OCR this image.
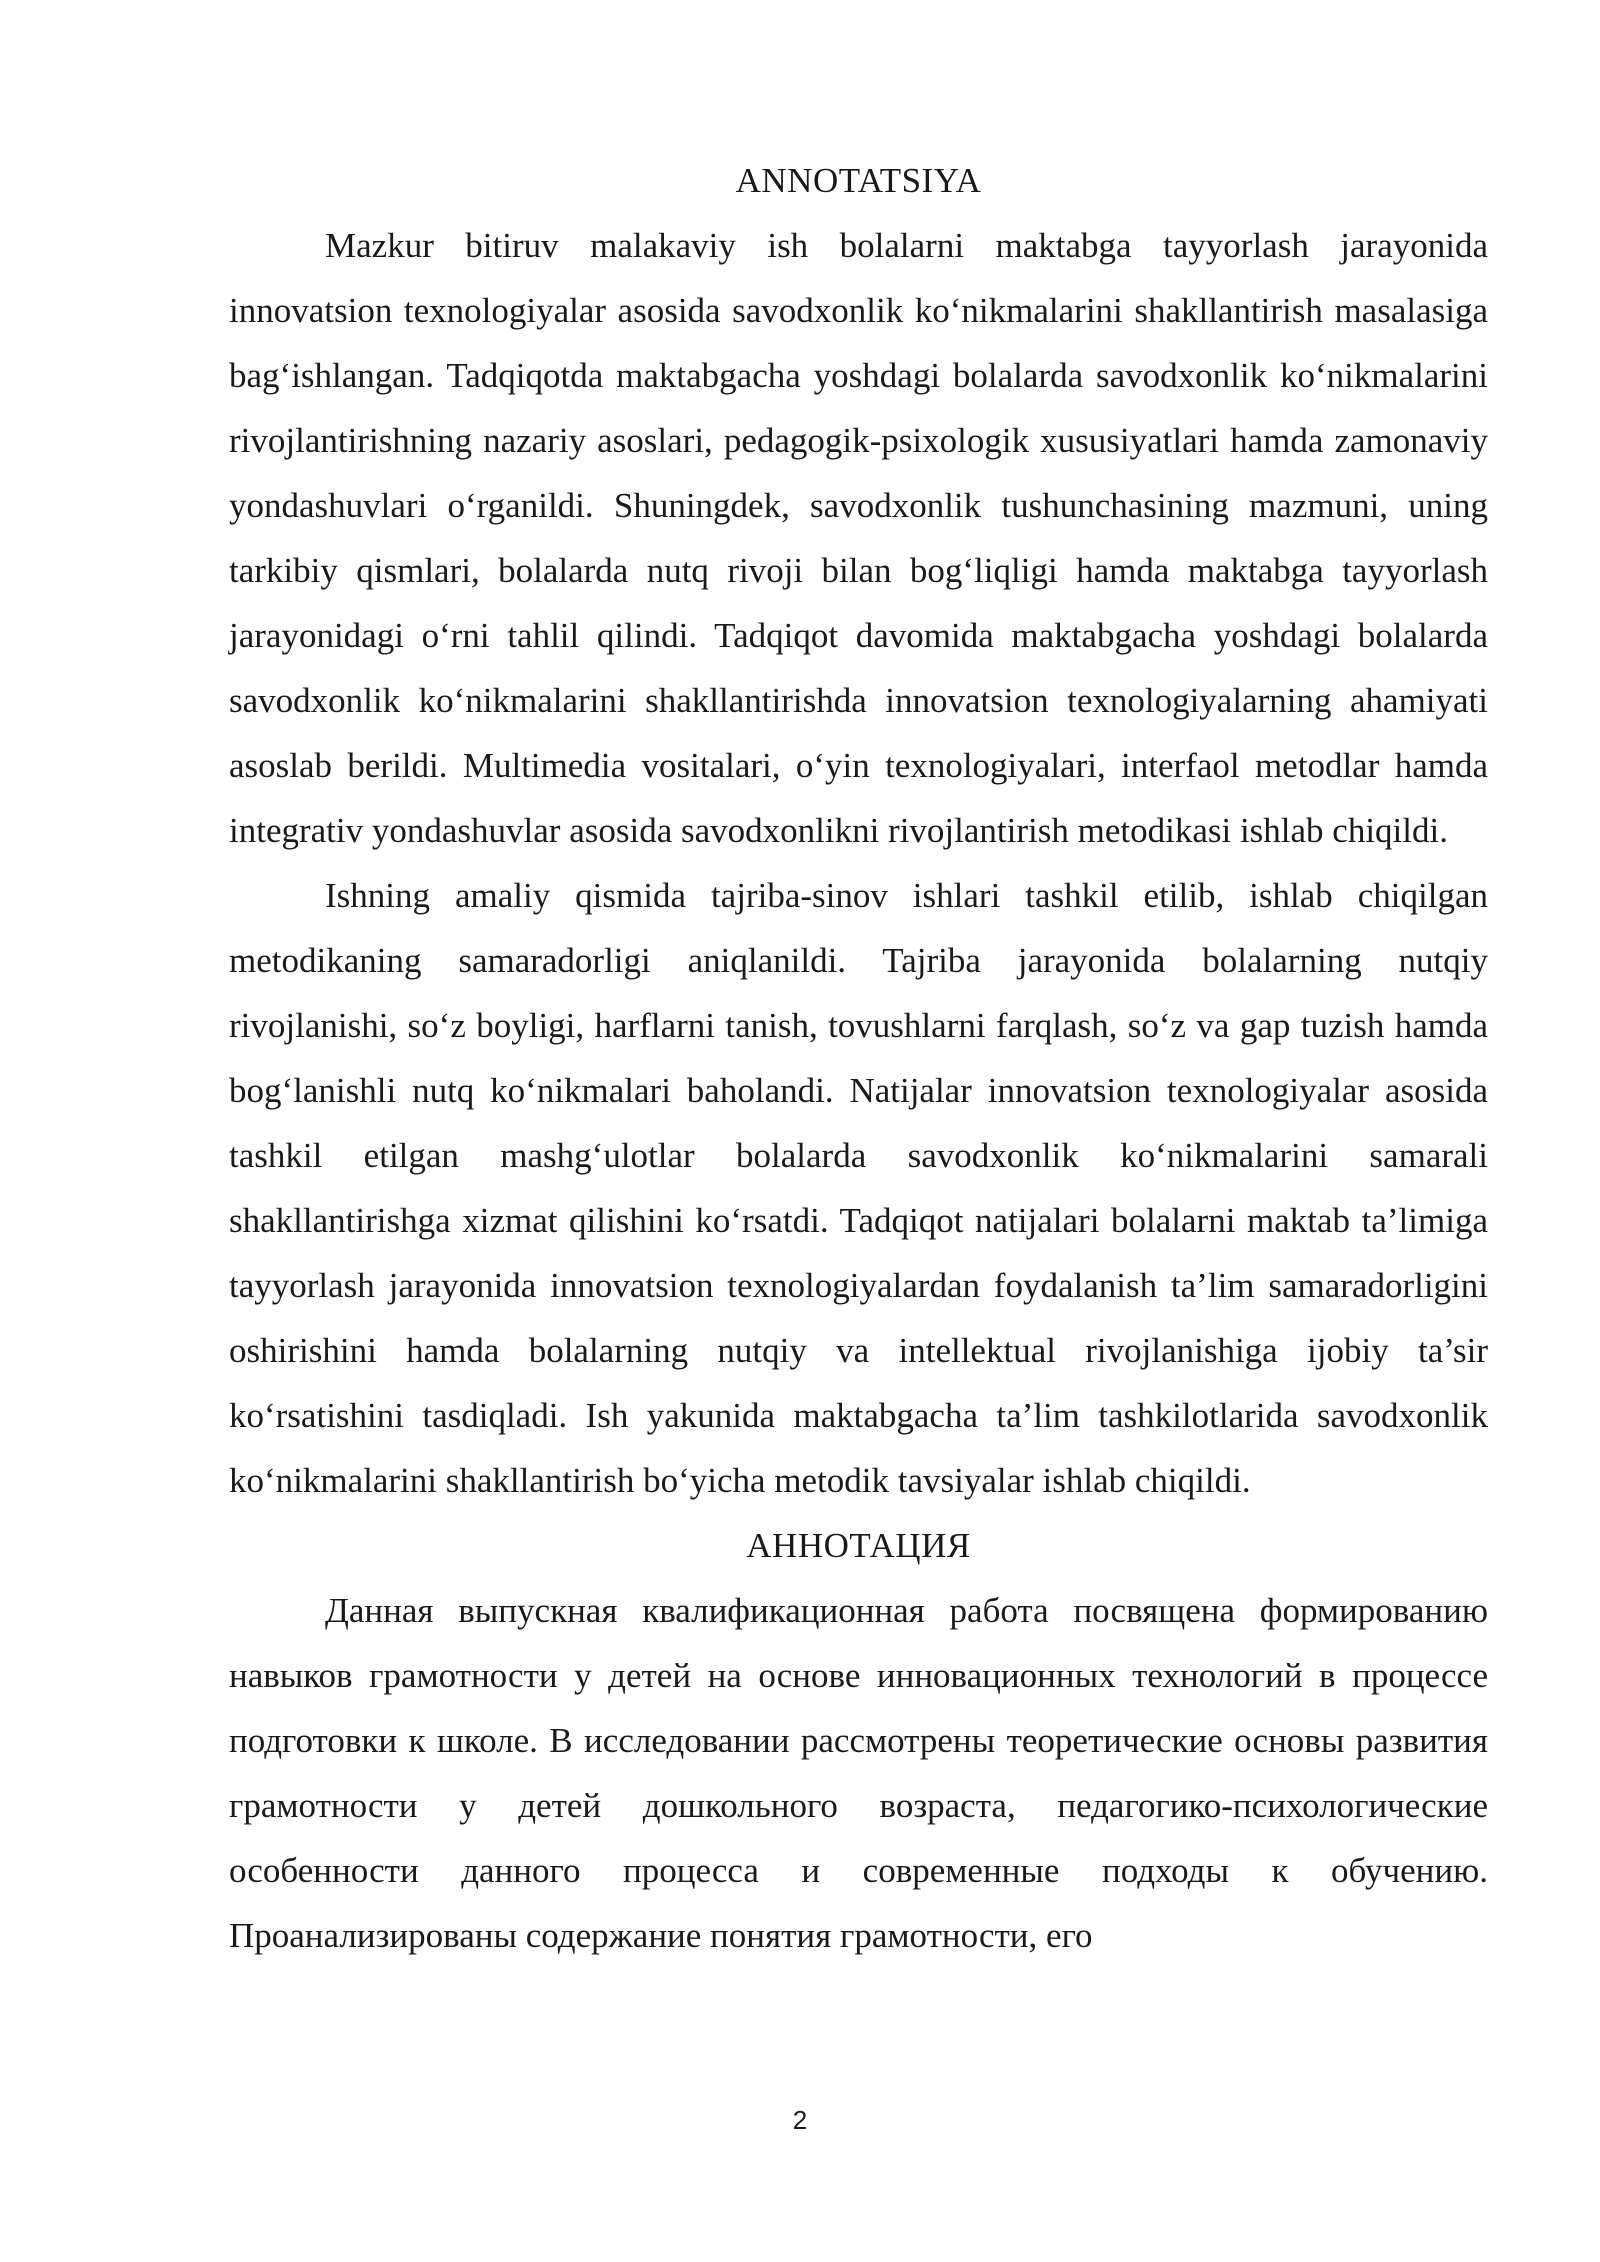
ANNOTATSIYA

Mazkur bitiruv malakaviy ish bolalarni maktabga tayyorlash jarayonida innovatsion texnologiyalar asosida savodxonlik ko‘nikmalarini shakllantirish masalasiga bag‘ishlangan. Tadqiqotda maktabgacha yoshdagi bolalarda savodxonlik ko‘nikmalarini rivojlantirishning nazariy asoslari, pedagogik-psixologik xususiyatlari hamda zamonaviy yondashuvlari o‘rganildi. Shuningdek, savodxonlik tushunchasining mazmuni, uning tarkibiy qismlari, bolalarda nutq rivoji bilan bog‘liqligi hamda maktabga tayyorlash jarayonidagi o‘rni tahlil qilindi. Tadqiqot davomida maktabgacha yoshdagi bolalarda savodxonlik ko‘nikmalarini shakllantirishda innovatsion texnologiyalarning ahamiyati asoslab berildi. Multimedia vositalari, o‘yin texnologiyalari, interfaol metodlar hamda integrativ yondashuvlar asosida savodxonlikni rivojlantirish metodikasi ishlab chiqildi.

Ishning amaliy qismida tajriba-sinov ishlari tashkil etilib, ishlab chiqilgan metodikaning samaradorligi aniqlanildi. Tajriba jarayonida bolalarning nutqiy rivojlanishi, so‘z boyligi, harflarni tanish, tovushlarni farqlash, so‘z va gap tuzish hamda bog‘lanishli nutq ko‘nikmalari baholandi. Natijalar innovatsion texnologiyalar asosida tashkil etilgan mashg‘ulotlar bolalarda savodxonlik ko‘nikmalarini samarali shakllantirishga xizmat qilishini ko‘rsatdi. Tadqiqot natijalari bolalarni maktab ta’limiga tayyorlash jarayonida innovatsion texnologiyalardan foydalanish ta’lim samaradorligini oshirishini hamda bolalarning nutqiy va intellektual rivojlanishiga ijobiy ta’sir ko‘rsatishini tasdiqladi. Ish yakunida maktabgacha ta’lim tashkilotlarida savodxonlik ko‘nikmalarini shakllantirish bo‘yicha metodik tavsiyalar ishlab chiqildi.

АННОТАЦИЯ

Данная выпускная квалификационная работа посвящена формированию навыков грамотности у детей на основе инновационных технологий в процессе подготовки к школе. В исследовании рассмотрены теоретические основы развития грамотности у детей дошкольного возраста, педагогико-психологические особенности данного процесса и современные подходы к обучению. Проанализированы содержание понятия грамотности, его

2
